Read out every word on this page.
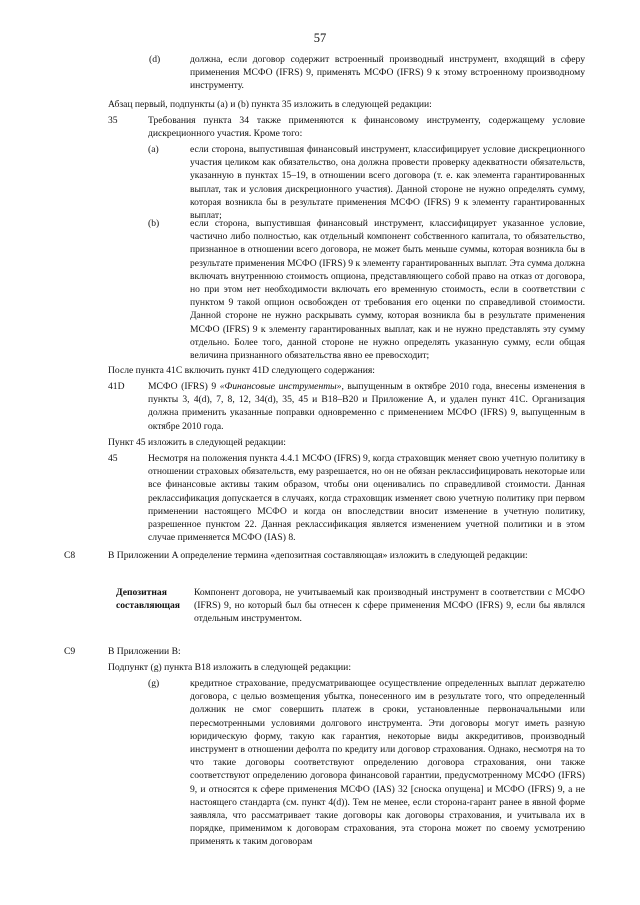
57
(d)	должна, если договор содержит встроенный производный инструмент, входящий в сферу применения МСФО (IFRS) 9, применять МСФО (IFRS) 9 к этому встроенному производному инструменту.
Абзац первый, подпункты (a) и (b) пункта 35 изложить в следующей редакции:
35	Требования пункта 34 также применяются к финансовому инструменту, содержащему условие дискреционного участия. Кроме того:
(a)	если сторона, выпустившая финансовый инструмент, классифицирует условие дискреционного участия целиком как обязательство, она должна провести проверку адекватности обязательств, указанную в пунктах 15–19, в отношении всего договора (т. е. как элемента гарантированных выплат, так и условия дискреционного участия). Данной стороне не нужно определять сумму, которая возникла бы в результате применения МСФО (IFRS) 9 к элементу гарантированных выплат;
(b)	если сторона, выпустившая финансовый инструмент, классифицирует указанное условие, частично либо полностью, как отдельный компонент собственного капитала, то обязательство, признанное в отношении всего договора, не может быть меньше суммы, которая возникла бы в результате применения МСФО (IFRS) 9 к элементу гарантированных выплат. Эта сумма должна включать внутреннюю стоимость опциона, представляющего собой право на отказ от договора, но при этом нет необходимости включать его временную стоимость, если в соответствии с пунктом 9 такой опцион освобожден от требования его оценки по справедливой стоимости. Данной стороне не нужно раскрывать сумму, которая возникла бы в результате применения МСФО (IFRS) 9 к элементу гарантированных выплат, как и не нужно представлять эту сумму отдельно. Более того, данной стороне не нужно определять указанную сумму, если общая величина признанного обязательства явно ее превосходит;
После пункта 41C включить пункт 41D следующего содержания:
41D МСФО (IFRS) 9 «Финансовые инструменты», выпущенным в октябре 2010 года, внесены изменения в пункты 3, 4(d), 7, 8, 12, 34(d), 35, 45 и B18–B20 и Приложение A, и удален пункт 41C. Организация должна применить указанные поправки одновременно с применением МСФО (IFRS) 9, выпущенным в октябре 2010 года.
Пункт 45 изложить в следующей редакции:
45	Несмотря на положения пункта 4.4.1 МСФО (IFRS) 9, когда страховщик меняет свою учетную политику в отношении страховых обязательств, ему разрешается, но он не обязан реклассифицировать некоторые или все финансовые активы таким образом, чтобы они оценивались по справедливой стоимости. Данная реклассификация допускается в случаях, когда страховщик изменяет свою учетную политику при первом применении настоящего МСФО и когда он впоследствии вносит изменение в учетную политику, разрешенное пунктом 22. Данная реклассификация является изменением учетной политики и в этом случае применяется МСФО (IAS) 8.
C8	В Приложении A определение термина «депозитная составляющая» изложить в следующей редакции:
Депозитная
составляющая
Компонент договора, не учитываемый как производный инструмент в соответствии с МСФО (IFRS) 9, но который был бы отнесен к сфере применения МСФО (IFRS) 9, если бы являлся отдельным инструментом.
C9	В Приложении B:
Подпункт (g) пункта B18 изложить в следующей редакции:
(g)	кредитное страхование, предусматривающее осуществление определенных выплат держателю договора, с целью возмещения убытка, понесенного им в результате того, что определенный должник не смог совершить платеж в сроки, установленные первоначальными или пересмотренными условиями долгового инструмента. Эти договоры могут иметь разную юридическую форму, такую как гарантия, некоторые виды аккредитивов, производный инструмент в отношении дефолта по кредиту или договор страхования. Однако, несмотря на то что такие договоры соответствуют определению договора страхования, они также соответствуют определению договора финансовой гарантии, предусмотренному МСФО (IFRS) 9, и относятся к сфере применения МСФО (IAS) 32 [сноска опущена] и МСФО (IFRS) 9, а не настоящего стандарта (см. пункт 4(d)). Тем не менее, если сторона-гарант ранее в явной форме заявляла, что рассматривает такие договоры как договоры страхования, и учитывала их в порядке, применимом к договорам страхования, эта сторона может по своему усмотрению применять к таким договорам
